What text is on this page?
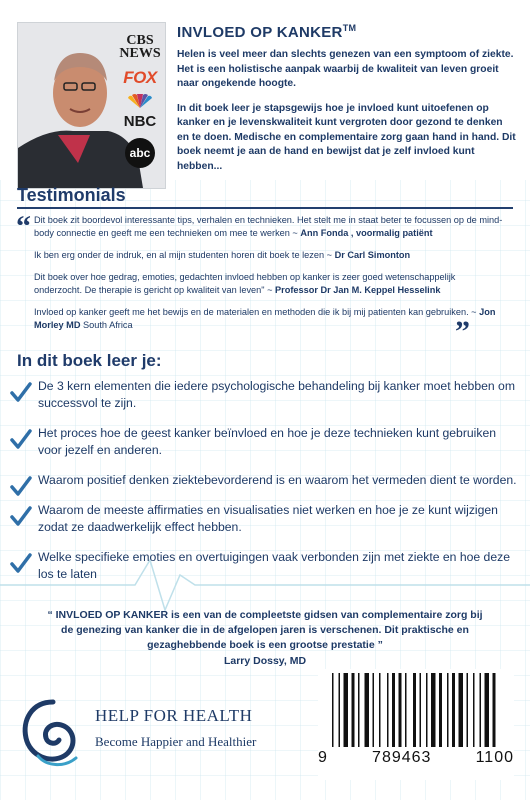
CBS NEWS
FOX
NBC
abc
INVLOED OP KANKER™

Helen is veel meer dan slechts genezen van een symptoom of ziekte. Het is een holistische aanpak waarbij de kwaliteit van leven groeit naar ongekende hoogte.

In dit boek leer je stapsgewijs hoe je invloed kunt uitoefenen op kanker en je levenskwaliteit kunt vergroten door gezond te denken en te doen. Medische en complementaire zorg gaan hand in hand. Dit boek neemt je aan de hand en bewijst dat je zelf invloed kunt hebben...

Testimonials
“
”
Dit boek zit boordevol interessante tips, verhalen en technieken. Het stelt me in staat beter te focussen op de mind-body connectie en geeft me een technieken om mee te werken ~ Ann Fonda , voormalig patiënt
Ik ben erg onder de indruk, en al mijn studenten horen dit boek te lezen ~ Dr Carl Simonton
Dit boek over hoe gedrag, emoties, gedachten invloed hebben op kanker is zeer goed wetenschappelijk onderzocht. De therapie is gericht op kwaliteit van leven" ~ Professor Dr Jan M. Keppel Hesselink
Invloed op kanker geeft me het bewijs en de materialen en methoden die ik bij mij patienten kan gebruiken. ~ Jon Morley MD South Africa
In dit boek leer je:
De 3 kern elementen die iedere psychologische behandeling bij kanker moet hebben om successvol te zijn.
Het proces hoe de geest kanker beïnvloed en hoe je deze technieken kunt gebruiken voor jezelf en anderen.
Waarom positief denken ziektebevorderend is en waarom het vermeden dient te worden.
Waarom de meeste affirmaties en visualisaties niet werken en hoe je ze kunt wijzigen zodat ze daadwerkelijk effect hebben.
Welke specifieke emoties en overtuigingen vaak verbonden zijn met ziekte en hoe deze los te laten
“ INVLOED OP KANKER is een van de compleetste gidsen van complementaire zorg bij de genezing van kanker die in de afgelopen jaren is verschenen. Dit praktische en gezaghebbende boek is een grootse prestatie ”
Larry Dossy, MD
HELP FOR HEALTH
Become Happier and Healthier
9	789463	1100
